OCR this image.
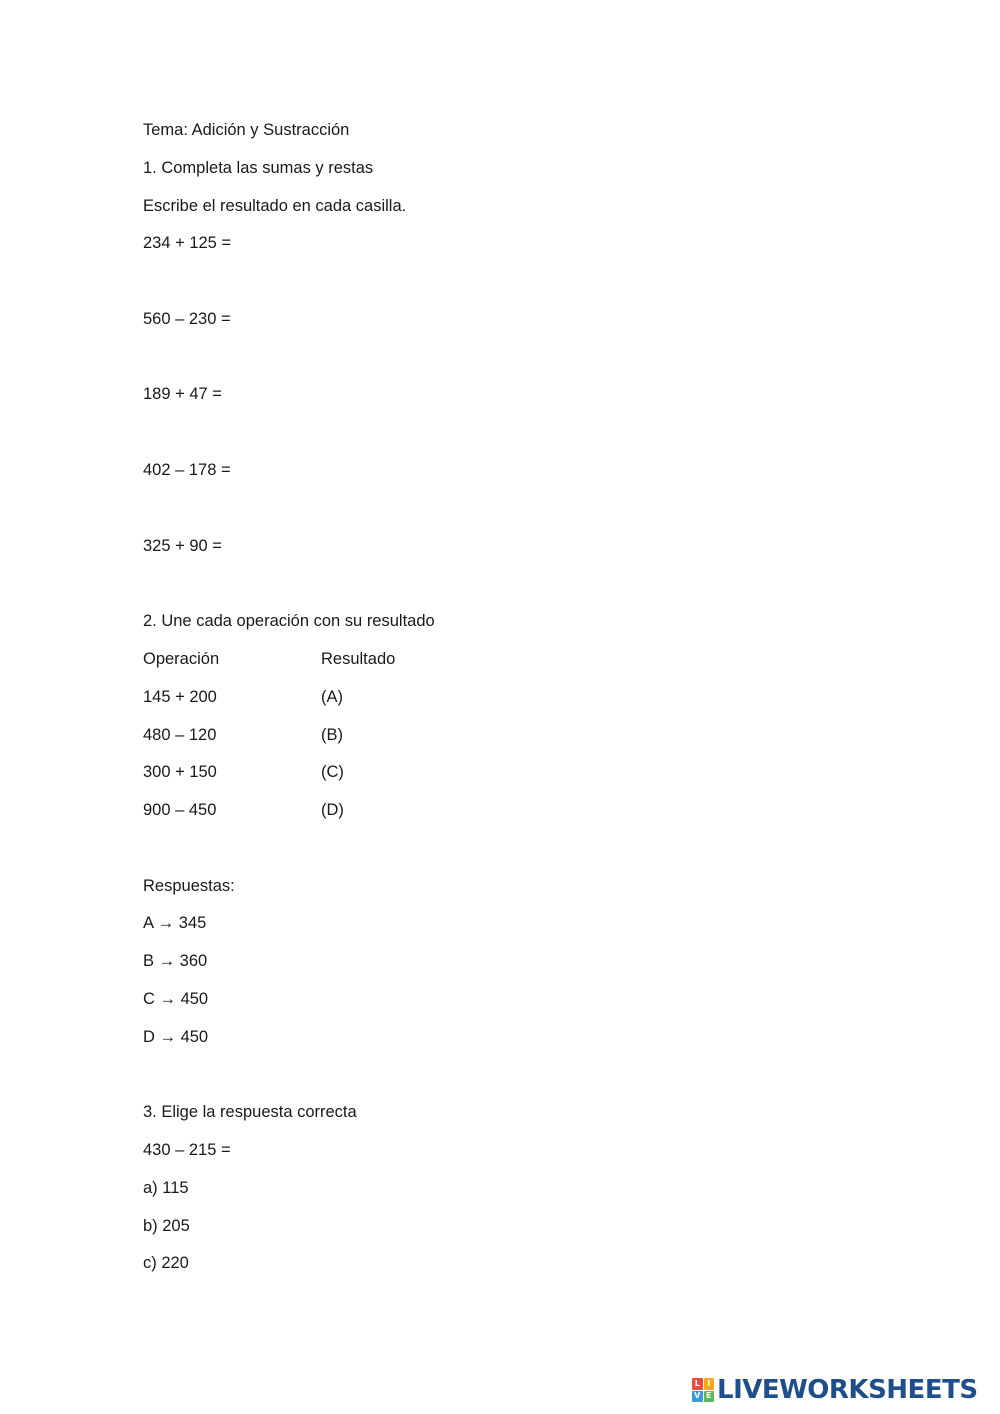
Tema: Adición y Sustracción
1. Completa las sumas y restas
Escribe el resultado en cada casilla.
234 + 125 =
560 – 230 =
189 + 47 =
402 – 178 =
325 + 90 =
2. Une cada operación con su resultado
Operación	Resultado
145 + 200	(A)
480 – 120	(B)
300 + 150	(C)
900 – 450	(D)
Respuestas:
A → 345
B → 360
C → 450
D → 450
3. Elige la respuesta correcta
430 – 215 =
a) 115
b) 205
c) 220
L I
V E LIVEWORKSHEETS
